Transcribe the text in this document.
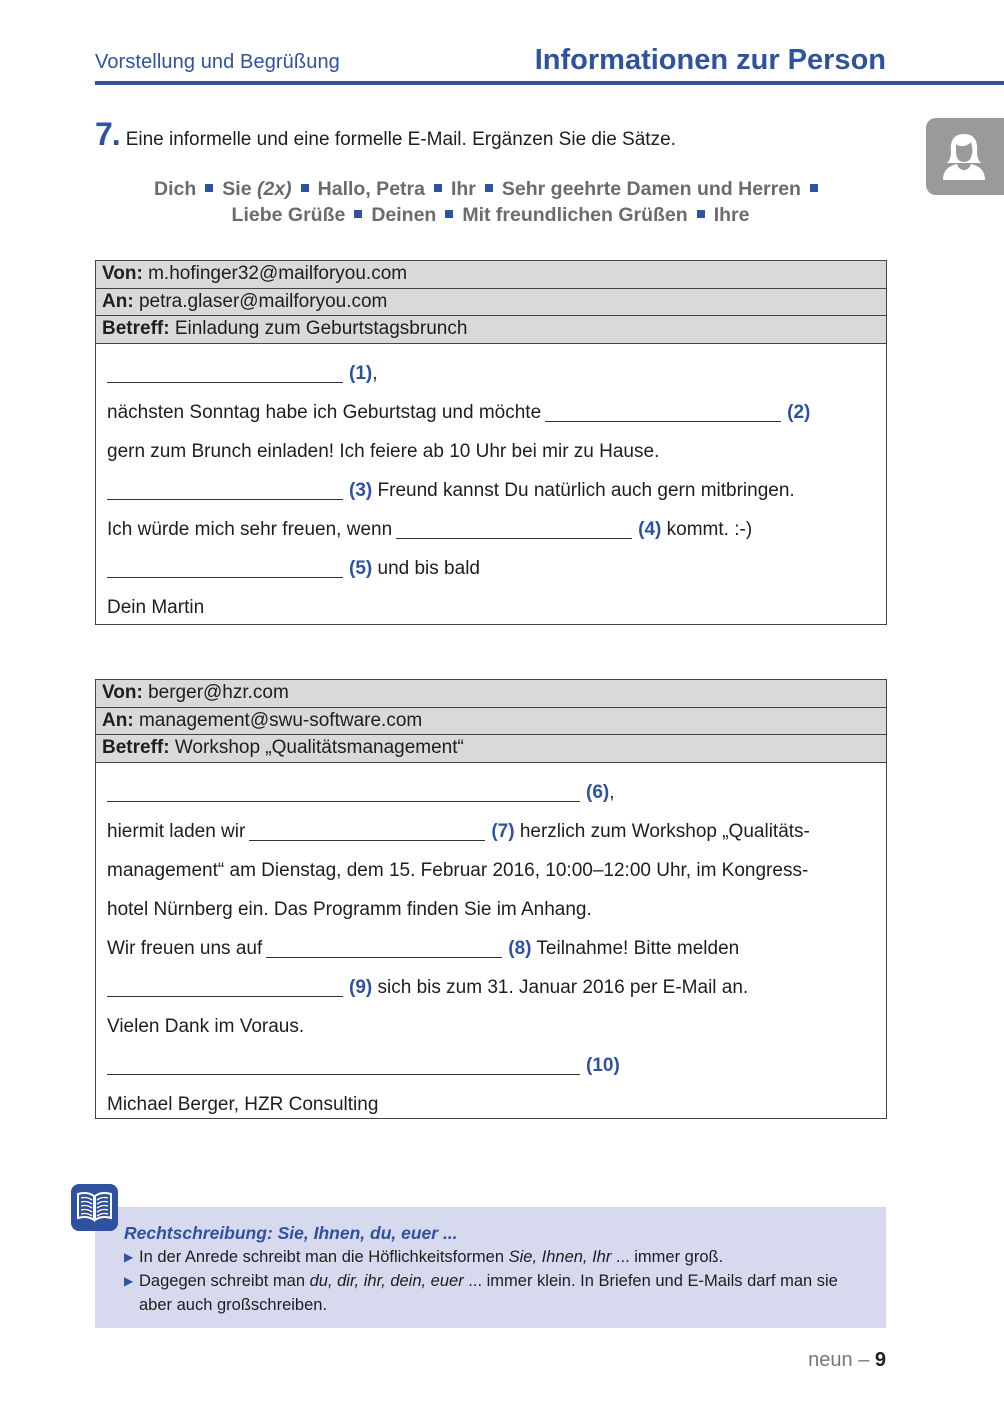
Vorstellung und Begrüßung	Informationen zur Person
7. Eine informelle und eine formelle E-Mail. Ergänzen Sie die Sätze.
Dich Sie (2x) Hallo, Petra Ihr Sehr geehrte Damen und Herren
Liebe Grüße Deinen Mit freundlichen Grüßen Ihre
Von: m.hofinger32@mailforyou.com
An: petra.glaser@mailforyou.com
Betreff: Einladung zum Geburtstagsbrunch
(1),
nächsten Sonntag habe ich Geburtstag und möchte	(2)
gern zum Brunch einladen! Ich feiere ab 10 Uhr bei mir zu Hause.
(3) Freund kannst Du natürlich auch gern mitbringen.
Ich würde mich sehr freuen, wenn	(4) kommt. :-)
(5) und bis bald
Dein Martin
Von: berger@hzr.com
An: management@swu-software.com
Betreff: Workshop „Qualitätsmanagement“
(6),
hiermit laden wir	(7) herzlich zum Workshop „Qualitäts-
management“ am Dienstag, dem 15. Februar 2016, 10:00–12:00 Uhr, im Kongress-
hotel Nürnberg ein. Das Programm finden Sie im Anhang.
Wir freuen uns auf	(8) Teilnahme! Bitte melden
(9) sich bis zum 31. Januar 2016 per E-Mail an.
Vielen Dank im Voraus.
(10)
Michael Berger, HZR Consulting
Rechtschreibung: Sie, Ihnen, du, euer ...
▶ In der Anrede schreibt man die Höflichkeitsformen Sie, Ihnen, Ihr ... immer groß.
▶ Dagegen schreibt man du, dir, ihr, dein, euer ... immer klein. In Briefen und E-Mails darf man sie aber auch großschreiben.
neun – 9
